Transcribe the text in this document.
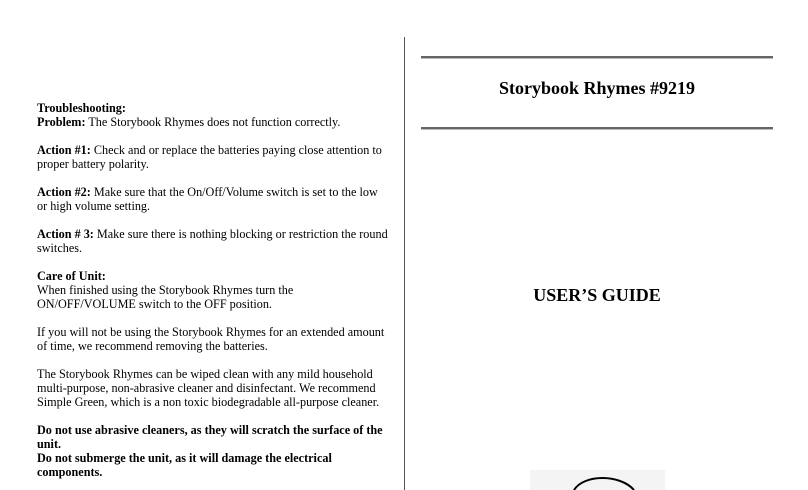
Troubleshooting:
Problem: The Storybook Rhymes does not function correctly.

Action #1: Check and or replace the batteries paying close attention to proper battery polarity.

Action #2: Make sure that the On/Off/Volume switch is set to the low or high volume setting.

Action # 3: Make sure there is nothing blocking or restriction the round switches.

Care of Unit:
When finished using the Storybook Rhymes turn the
ON/OFF/VOLUME switch to the OFF position.

If you will not be using the Storybook Rhymes for an extended amount of time, we recommend removing the batteries.

The Storybook Rhymes can be wiped clean with any mild household multi-purpose, non-abrasive cleaner and disinfectant. We recommend Simple Green, which is a non toxic biodegradable all-purpose cleaner.

Do not use abrasive cleaners, as they will scratch the surface of the unit.
Do not submerge the unit, as it will damage the electrical components.

Storybook Rhymes #9219
USER’S GUIDE
